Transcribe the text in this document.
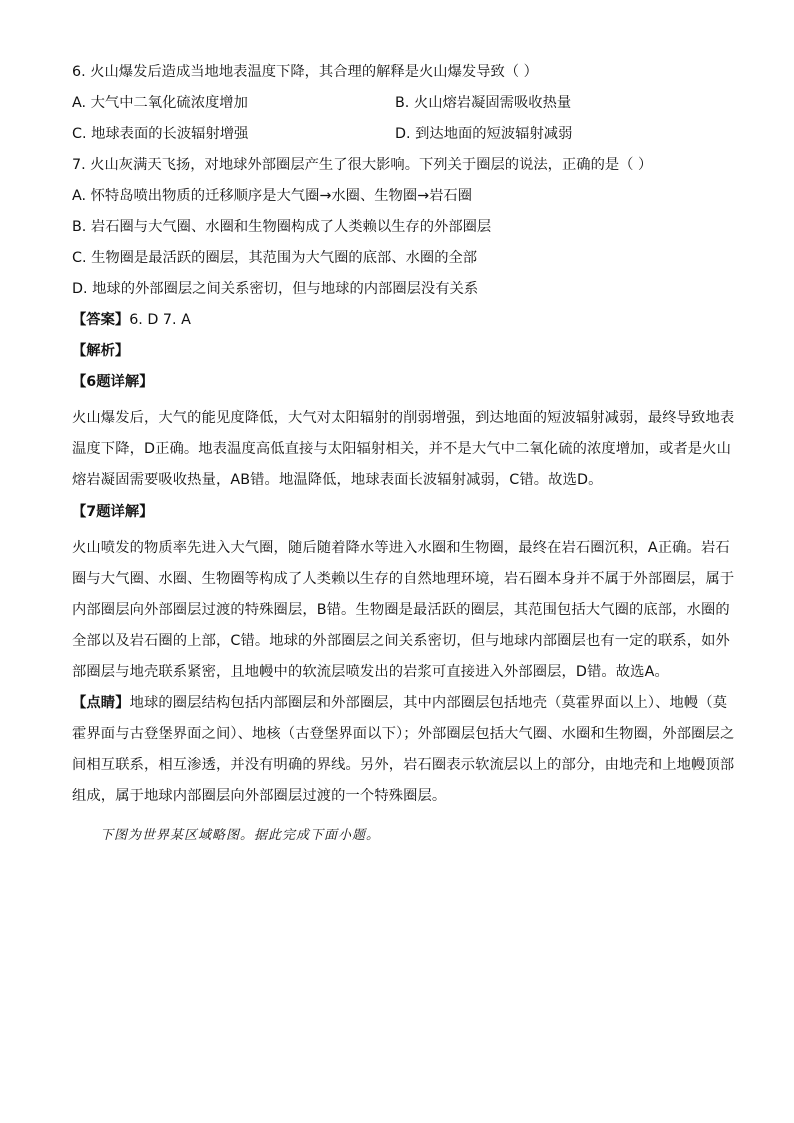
6. 火山爆发后造成当地地表温度下降，其合理的解释是火山爆发导致（ ）
A. 大气中二氧化硫浓度增加	B. 火山熔岩凝固需吸收热量
C. 地球表面的长波辐射增强	D. 到达地面的短波辐射减弱
7. 火山灰满天飞扬，对地球外部圈层产生了很大影响。下列关于圈层的说法，正确的是（ ）
A. 怀特岛喷出物质的迁移顺序是大气圈→水圈、生物圈→岩石圈
B. 岩石圈与大气圈、水圈和生物圈构成了人类赖以生存的外部圈层
C. 生物圈是最活跃的圈层，其范围为大气圈的底部、水圈的全部
D. 地球的外部圈层之间关系密切，但与地球的内部圈层没有关系
【答案】6. D 7. A
【解析】
【6题详解】
火山爆发后，大气的能见度降低，大气对太阳辐射的削弱增强，到达地面的短波辐射减弱，最终导致地表
温度下降，D正确。地表温度高低直接与太阳辐射相关，并不是大气中二氧化硫的浓度增加，或者是火山
熔岩凝固需要吸收热量，AB错。地温降低，地球表面长波辐射减弱，C错。故选D。
【7题详解】
火山喷发的物质率先进入大气圈，随后随着降水等进入水圈和生物圈，最终在岩石圈沉积，A正确。岩石
圈与大气圈、水圈、生物圈等构成了人类赖以生存的自然地理环境，岩石圈本身并不属于外部圈层，属于
内部圈层向外部圈层过渡的特殊圈层，B错。生物圈是最活跃的圈层，其范围包括大气圈的底部，水圈的
全部以及岩石圈的上部，C错。地球的外部圈层之间关系密切，但与地球内部圈层也有一定的联系，如外
部圈层与地壳联系紧密，且地幔中的软流层喷发出的岩浆可直接进入外部圈层，D错。故选A。
【点睛】地球的圈层结构包括内部圈层和外部圈层，其中内部圈层包括地壳（莫霍界面以上）、地幔（莫
霍界面与古登堡界面之间）、地核（古登堡界面以下）；外部圈层包括大气圈、水圈和生物圈，外部圈层之
间相互联系，相互渗透，并没有明确的界线。另外，岩石圈表示软流层以上的部分，由地壳和上地幔顶部
组成，属于地球内部圈层向外部圈层过渡的一个特殊圈层。
下图为世界某区域略图。据此完成下面小题。
